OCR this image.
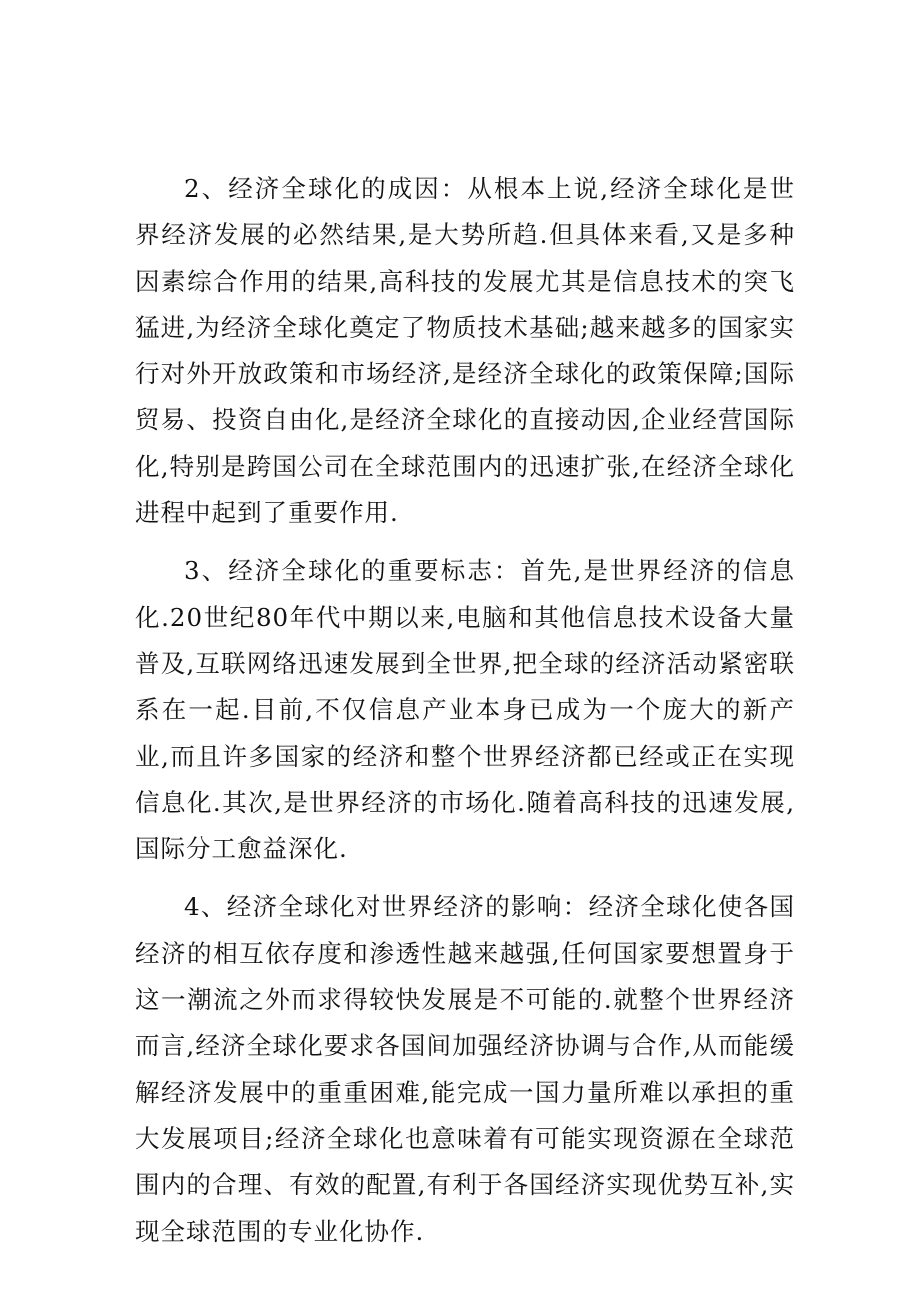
2、经济全球化的成因：从根本上说,经济全球化是世界经济发展的必然结果,是大势所趋.但具体来看,又是多种因素综合作用的结果,高科技的发展尤其是信息技术的突飞猛进,为经济全球化奠定了物质技术基础;越来越多的国家实行对外开放政策和市场经济,是经济全球化的政策保障;国际贸易、投资自由化,是经济全球化的直接动因,企业经营国际化,特别是跨国公司在全球范围内的迅速扩张,在经济全球化进程中起到了重要作用.

3、经济全球化的重要标志：首先,是世界经济的信息化.20世纪80年代中期以来,电脑和其他信息技术设备大量普及,互联网络迅速发展到全世界,把全球的经济活动紧密联系在一起.目前,不仅信息产业本身已成为一个庞大的新产业,而且许多国家的经济和整个世界经济都已经或正在实现信息化.其次,是世界经济的市场化.随着高科技的迅速发展,国际分工愈益深化.

4、经济全球化对世界经济的影响：经济全球化使各国经济的相互依存度和渗透性越来越强,任何国家要想置身于这一潮流之外而求得较快发展是不可能的.就整个世界经济而言,经济全球化要求各国间加强经济协调与合作,从而能缓解经济发展中的重重困难,能完成一国力量所难以承担的重大发展项目;经济全球化也意味着有可能实现资源在全球范围内的合理、有效的配置,有利于各国经济实现优势互补,实现全球范围的专业化协作.
